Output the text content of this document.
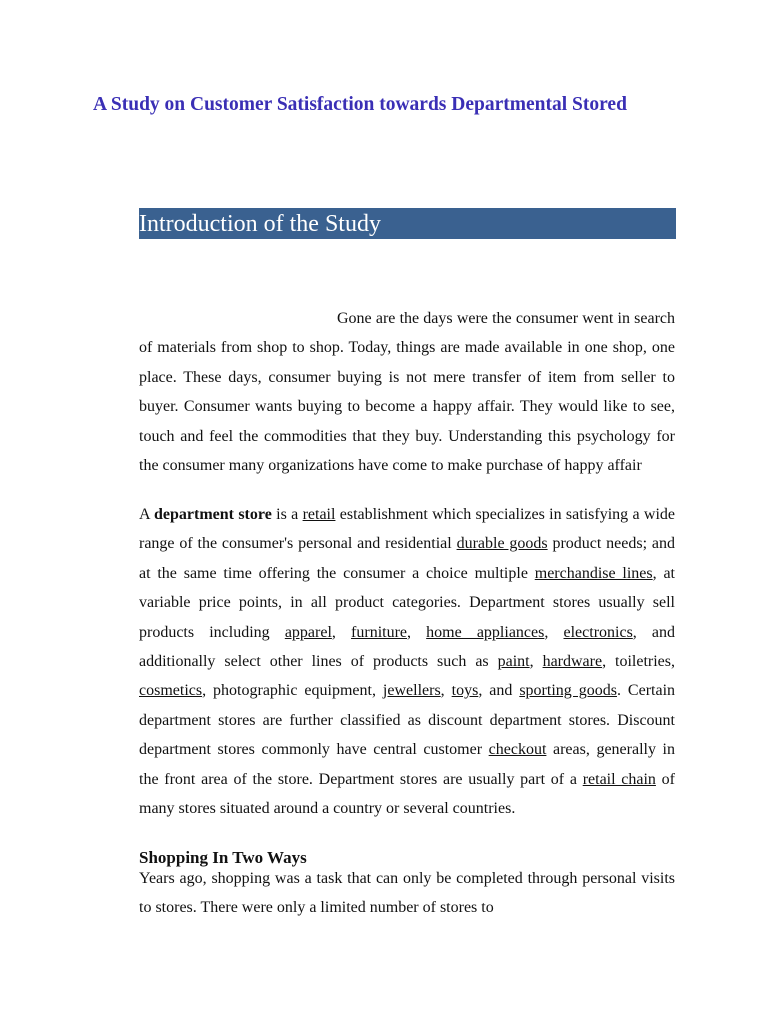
A Study on Customer Satisfaction towards Departmental Stored
Introduction of the Study

Gone are the days were the consumer went in search of materials from shop to shop. Today, things are made available in one shop, one place. These days, consumer buying is not mere transfer of item from seller to buyer. Consumer wants buying to become a happy affair. They would like to see, touch and feel the commodities that they buy. Understanding this psychology for the consumer many organizations have come to make purchase of happy affair

A department store is a retail establishment which specializes in satisfying a wide range of the consumer's personal and residential durable goods product needs; and at the same time offering the consumer a choice multiple merchandise lines, at variable price points, in all product categories. Department stores usually sell products including apparel, furniture, home appliances, electronics, and additionally select other lines of products such as paint, hardware, toiletries, cosmetics, photographic equipment, jewellers, toys, and sporting goods. Certain department stores are further classified as discount department stores. Discount department stores commonly have central customer checkout areas, generally in the front area of the store. Department stores are usually part of a retail chain of many stores situated around a country or several countries.

Shopping In Two Ways

Years ago, shopping was a task that can only be completed through personal visits to stores. There were only a limited number of stores to
